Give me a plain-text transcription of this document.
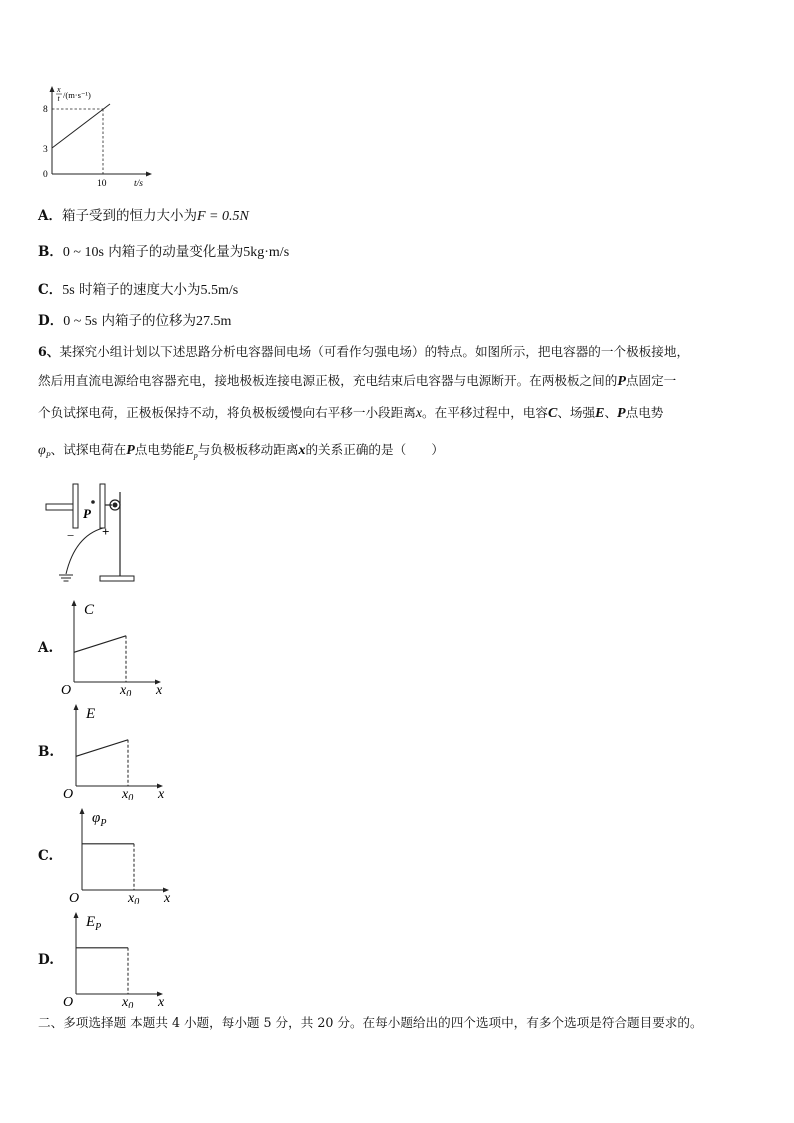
x
t /(m·s⁻¹)
8
3
0
10	t/s
A．箱子受到的恒力大小为F = 0.5N
B．0 ~ 10s 内箱子的动量变化量为5kg·m/s
C．5s 时箱子的速度大小为5.5m/s
D．0 ~ 5s 内箱子的位移为27.5m
6、某探究小组计划以下述思路分析电容器间电场（可看作匀强电场）的特点。如图所示，把电容器的一个极板接地，
然后用直流电源给电容器充电，接地极板连接电源正极，充电结束后电容器与电源断开。在两极板之间的P点固定一
个负试探电荷，正极板保持不动，将负极板缓慢向右平移一小段距离x。在平移过程中，电容C、场强E、P点电势
$\varphi_P$、试探电荷在P点电势能$E_p$与负极板移动距离x的关系正确的是（　　）
P
− +
A.
C
O	$x_0$ x
B.
E
O	$x_0$ x
C.
$\varphi_P$
O	$x_0$ x
D.
$E_P$
O	$x_0$ x
二、多项选择题 本题共 4 小题，每小题 5 分，共 20 分。在每小题给出的四个选项中，有多个选项是符合题目要求的。
